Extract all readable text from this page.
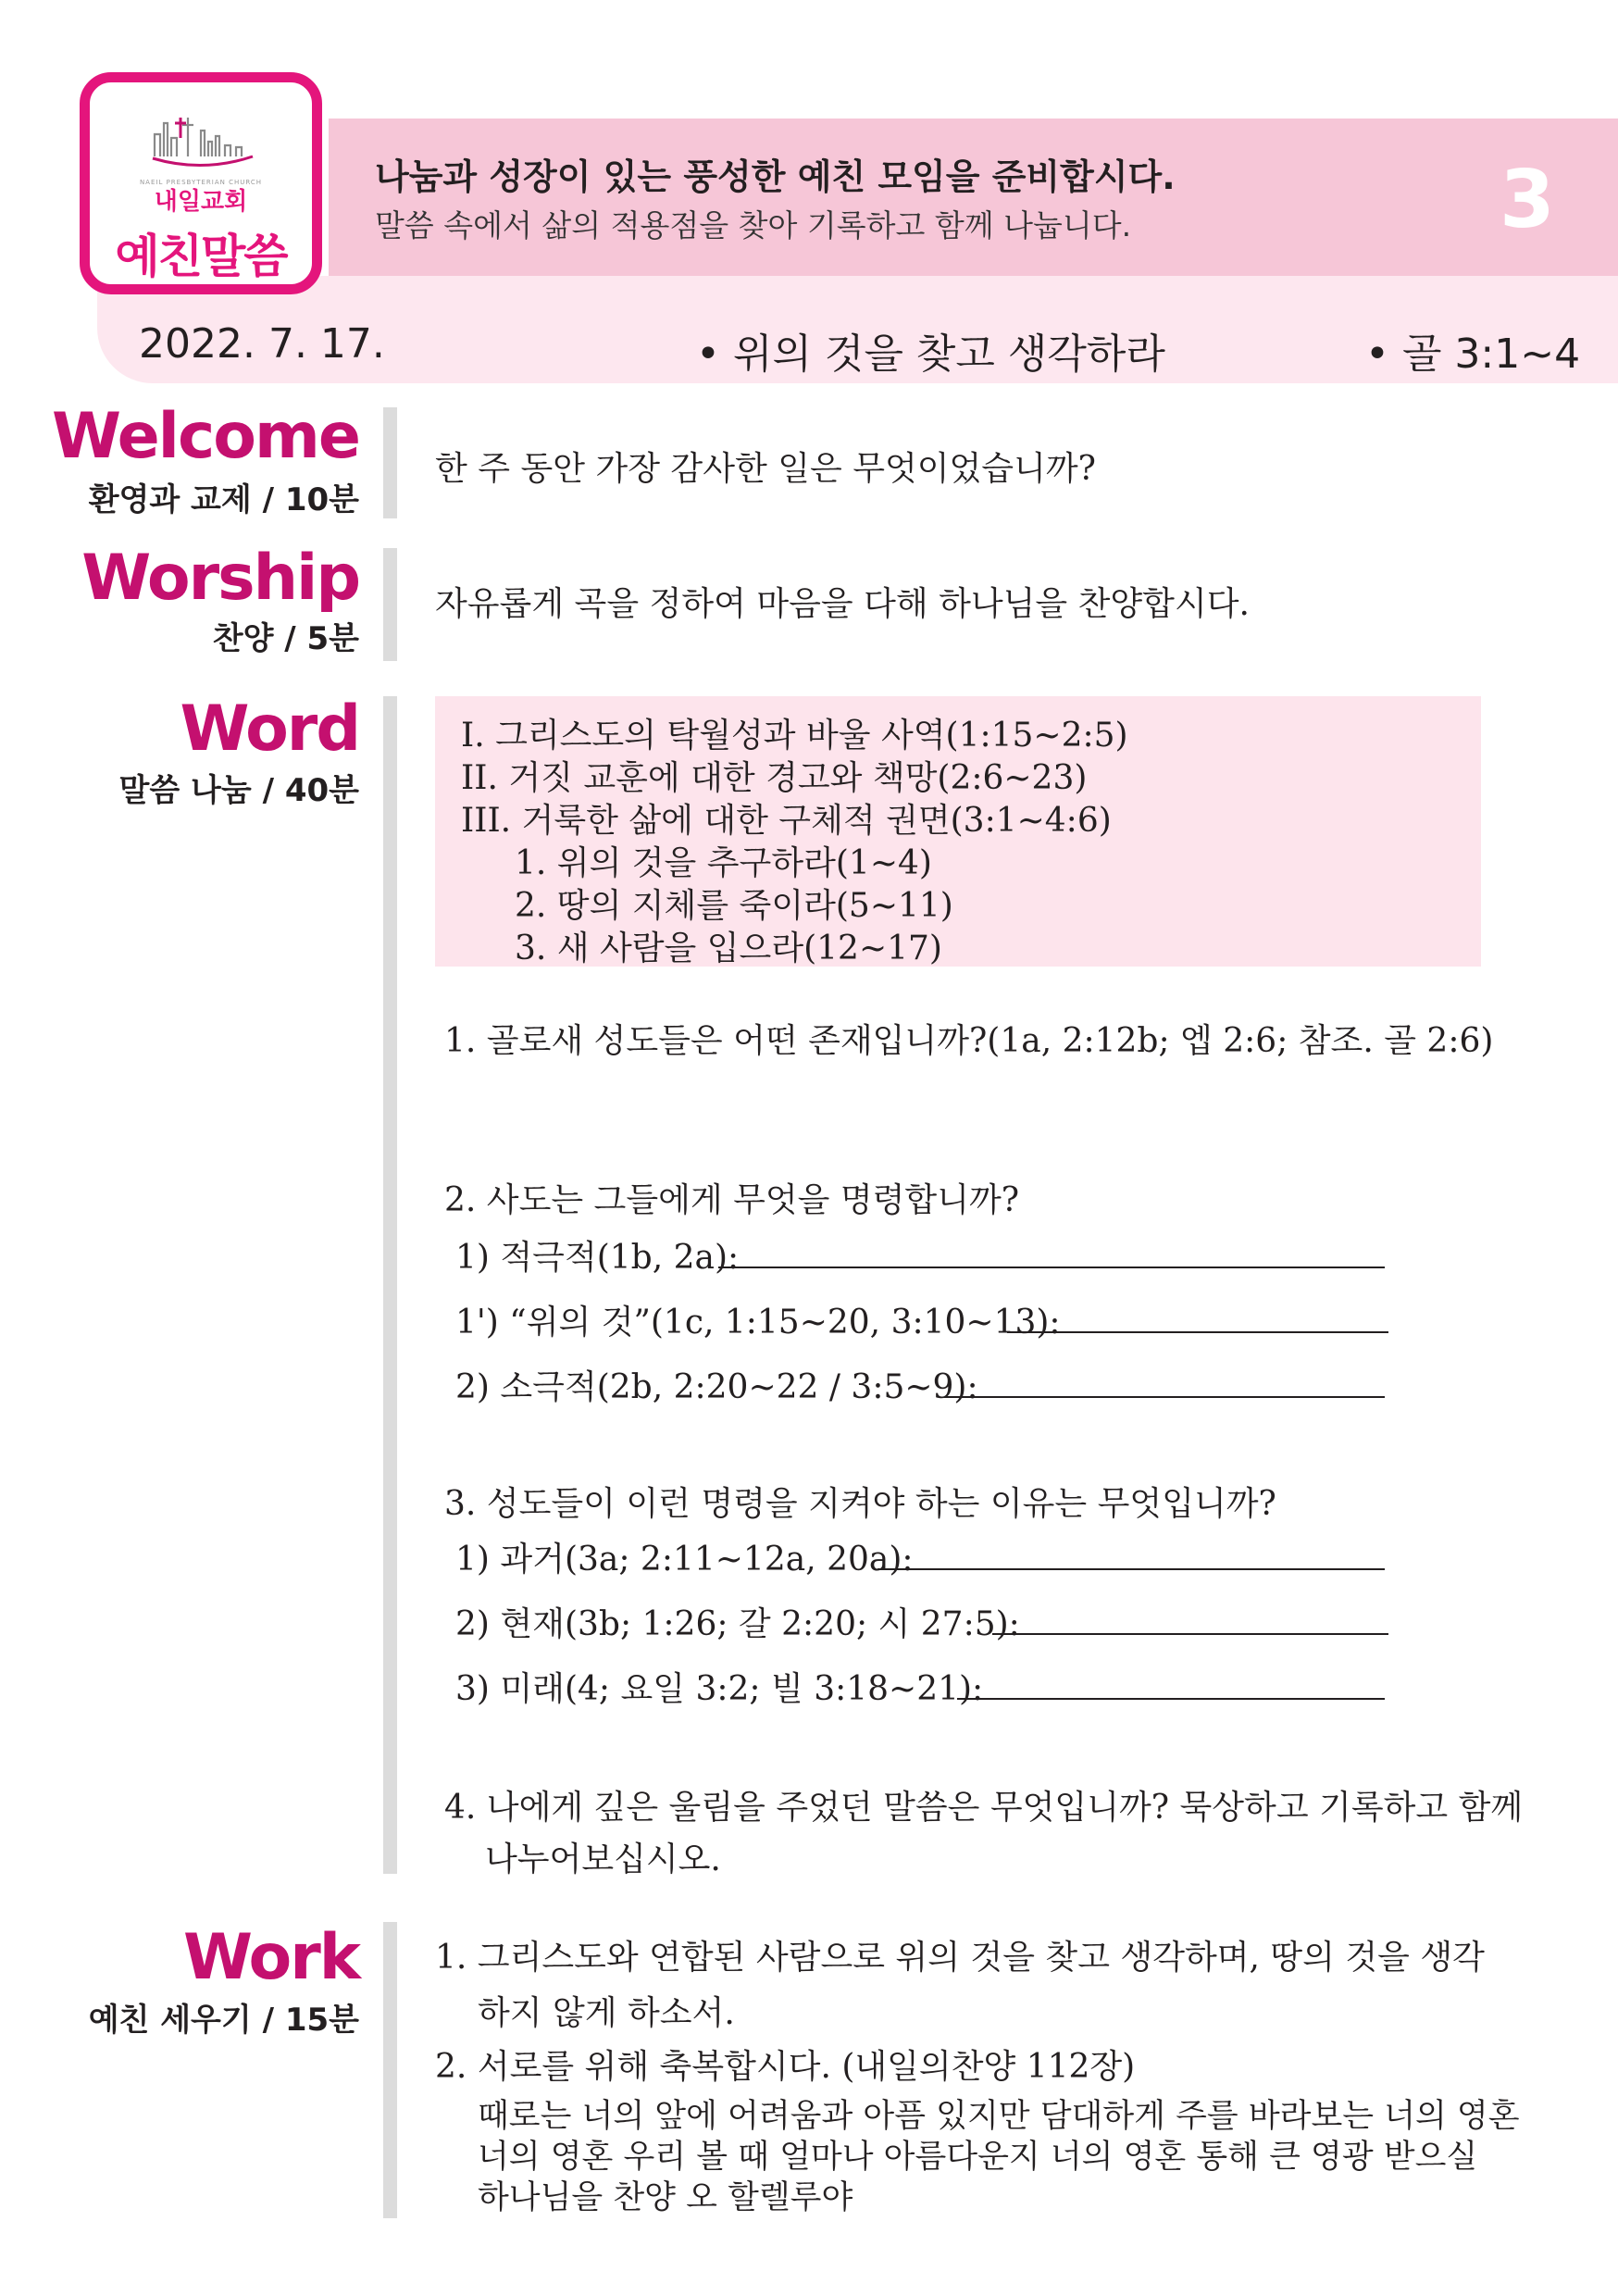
NAEIL PRESBYTERIAN CHURCH
내일교회
예친말씀
나눔과 성장이 있는 풍성한 예친 모임을 준비합시다.
말씀 속에서 삶의 적용점을 찾아 기록하고 함께 나눕니다.	3
2022. 7. 17.	• 위의 것을 찾고 생각하라	• 골 3:1~4
Welcome
환영과 교제 / 10분
한 주 동안 가장 감사한 일은 무엇이었습니까?
Worship
찬양 / 5분
자유롭게 곡을 정하여 마음을 다해 하나님을 찬양합시다.
Word
말씀 나눔 / 40분
I. 그리스도의 탁월성과 바울 사역(1:15~2:5)
II. 거짓 교훈에 대한 경고와 책망(2:6~23)
III. 거룩한 삶에 대한 구체적 권면(3:1~4:6)
1. 위의 것을 추구하라(1~4)
2. 땅의 지체를 죽이라(5~11)
3. 새 사람을 입으라(12~17)
1. 골로새 성도들은 어떤 존재입니까?(1a, 2:12b; 엡 2:6; 참조. 골 2:6)
2. 사도는 그들에게 무엇을 명령합니까?
1) 적극적(1b, 2a):
1') “위의 것”(1c, 1:15~20, 3:10~13):
2) 소극적(2b, 2:20~22 / 3:5~9):
3. 성도들이 이런 명령을 지켜야 하는 이유는 무엇입니까?
1) 과거(3a; 2:11~12a, 20a):
2) 현재(3b; 1:26; 갈 2:20; 시 27:5):
3) 미래(4; 요일 3:2; 빌 3:18~21):
4. 나에게 깊은 울림을 주었던 말씀은 무엇입니까? 묵상하고 기록하고 함께
나누어보십시오.
Work
예친 세우기 / 15분
1. 그리스도와 연합된 사람으로 위의 것을 찾고 생각하며, 땅의 것을 생각
하지 않게 하소서.
2. 서로를 위해 축복합시다. (내일의찬양 112장)
때로는 너의 앞에 어려움과 아픔 있지만 담대하게 주를 바라보는 너의 영혼
너의 영혼 우리 볼 때 얼마나 아름다운지 너의 영혼 통해 큰 영광 받으실
하나님을 찬양 오 할렐루야
